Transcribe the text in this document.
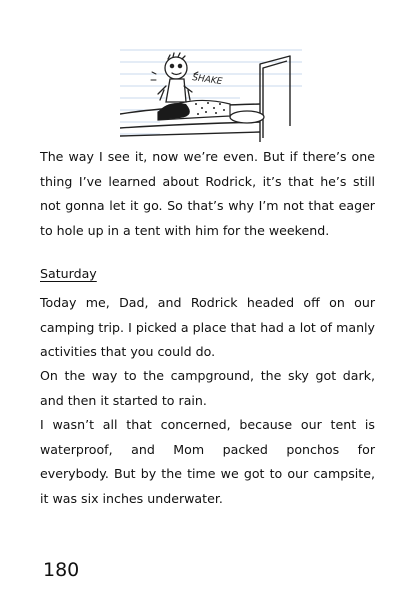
SHAKE

The way I see it, now we’re even. But if there’s one thing I’ve learned about Rodrick, it’s that he’s still not gonna let it go. So that’s why I’m not that eager to hole up in a tent with him for the weekend.

Saturday

Today me, Dad, and Rodrick headed off on our camping trip. I picked a place that had a lot of manly activities that you could do.

On the way to the campground, the sky got dark, and then it started to rain.

I wasn’t all that concerned, because our tent is waterproof, and Mom packed ponchos for everybody. But by the time we got to our campsite, it was six inches underwater.

180
